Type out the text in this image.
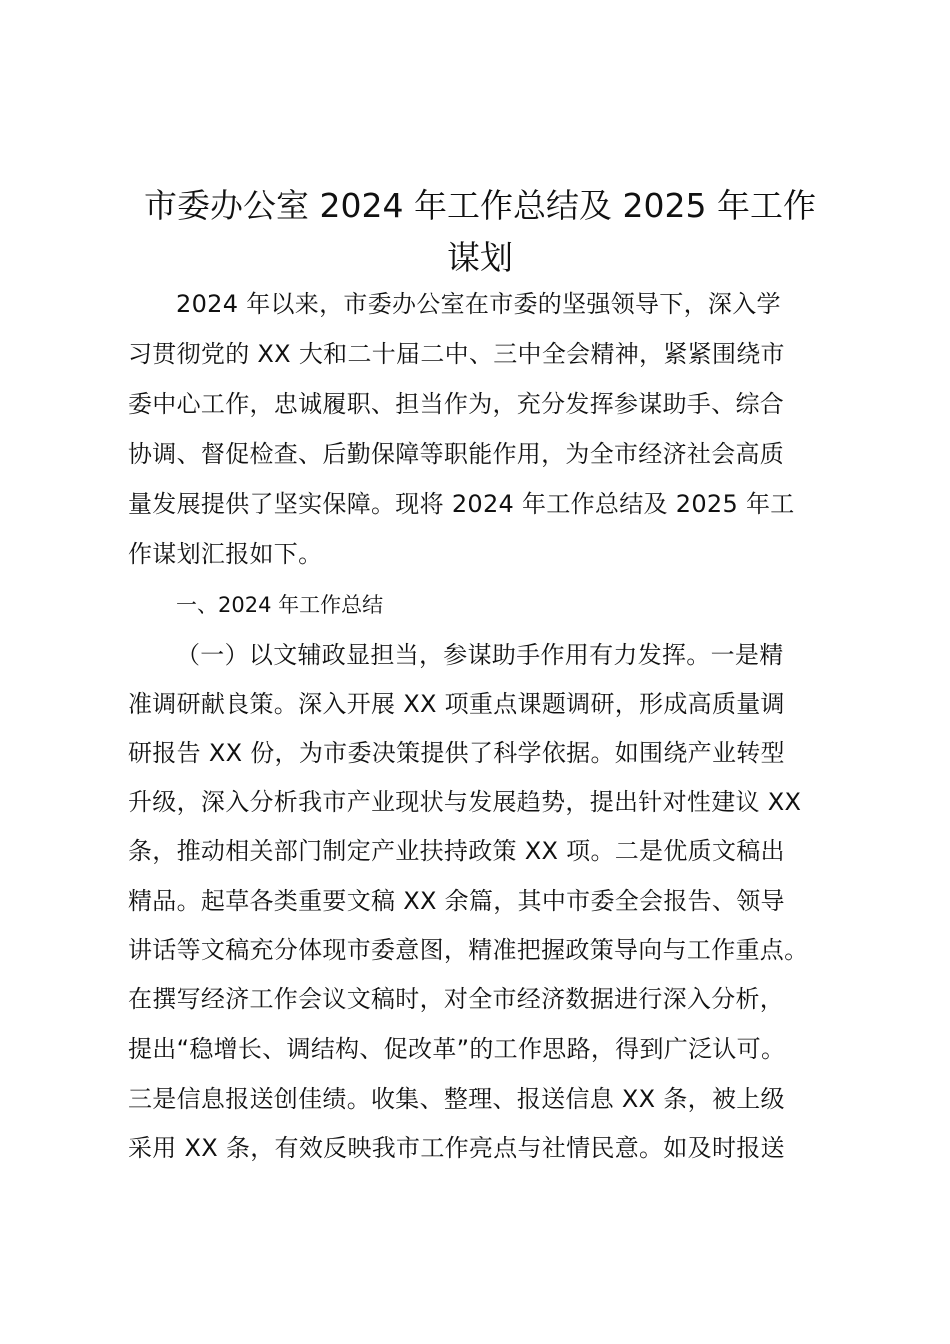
市委办公室 2024 年工作总结及 2025 年工作
谋划
2024 年以来，市委办公室在市委的坚强领导下，深入学
习贯彻党的 XX 大和二十届二中、三中全会精神，紧紧围绕市
委中心工作，忠诚履职、担当作为，充分发挥参谋助手、综合
协调、督促检查、后勤保障等职能作用，为全市经济社会高质
量发展提供了坚实保障。现将 2024 年工作总结及 2025 年工
作谋划汇报如下。
一、2024 年工作总结
（一）以文辅政显担当，参谋助手作用有力发挥。一是精
准调研献良策。深入开展 XX 项重点课题调研，形成高质量调
研报告 XX 份，为市委决策提供了科学依据。如围绕产业转型
升级，深入分析我市产业现状与发展趋势，提出针对性建议 XX
条，推动相关部门制定产业扶持政策 XX 项。二是优质文稿出
精品。起草各类重要文稿 XX 余篇，其中市委全会报告、领导
讲话等文稿充分体现市委意图，精准把握政策导向与工作重点。
在撰写经济工作会议文稿时，对全市经济数据进行深入分析，
提出“稳增长、调结构、促改革”的工作思路，得到广泛认可。
三是信息报送创佳绩。收集、整理、报送信息 XX 条，被上级
采用 XX 条，有效反映我市工作亮点与社情民意。如及时报送
